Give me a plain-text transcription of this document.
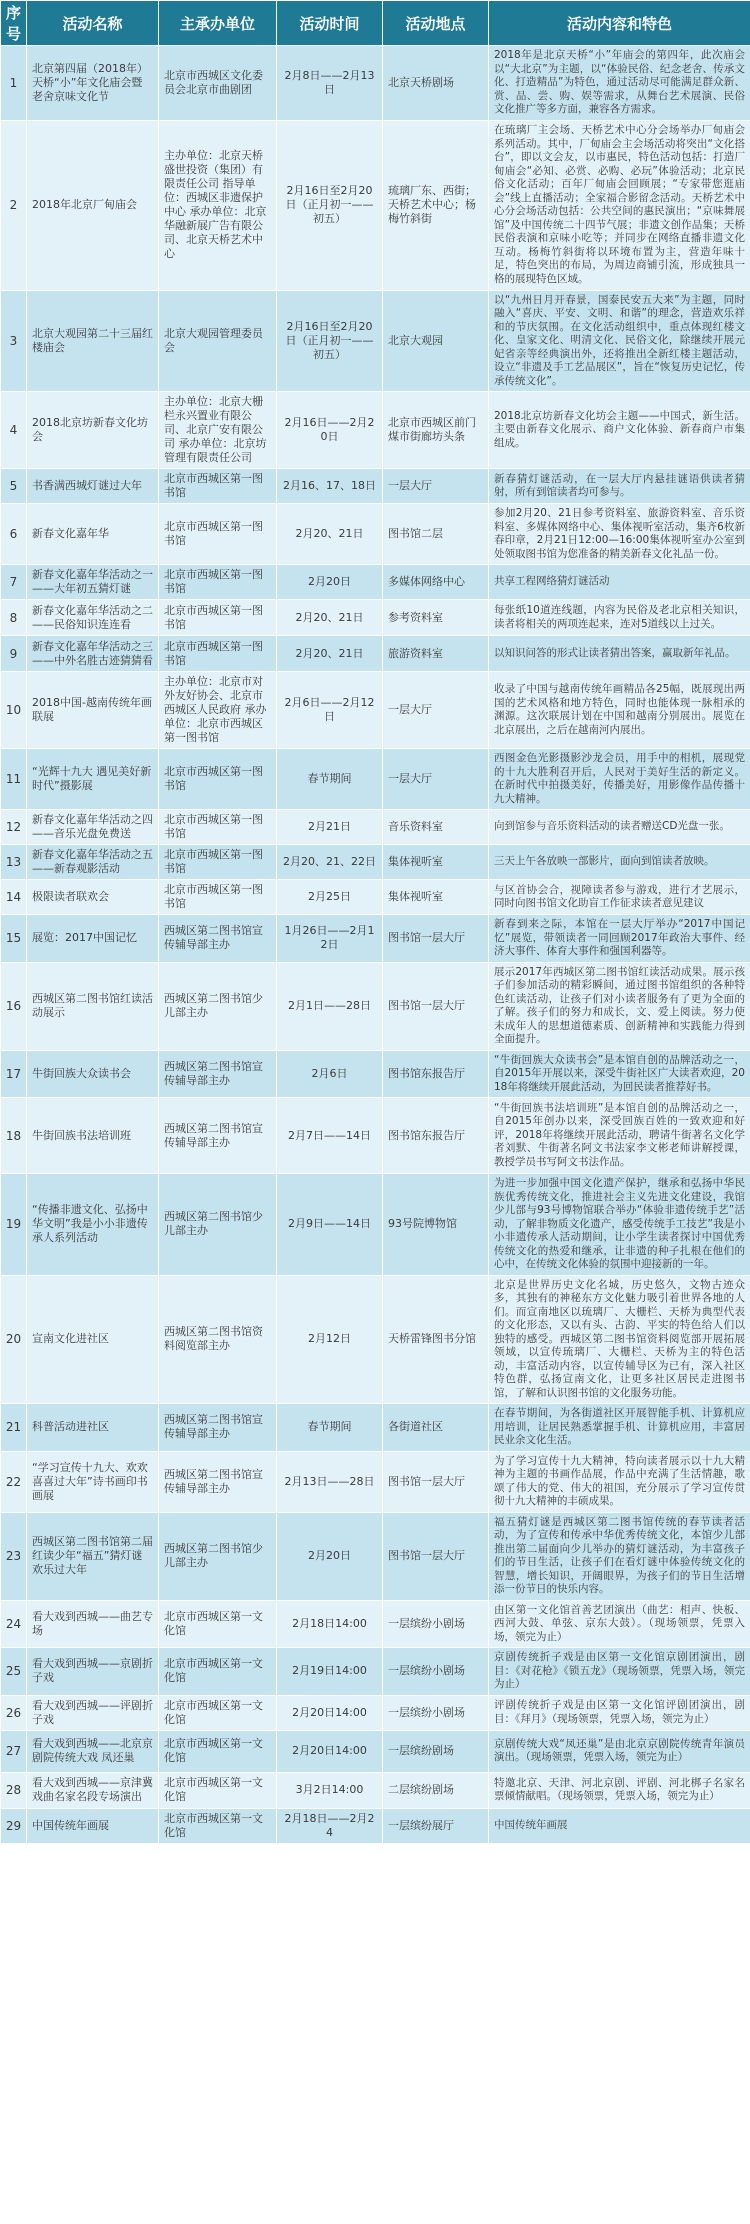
序号	活动名称	主承办单位	活动时间	活动地点	活动内容和特色
1	北京第四届（2018年）天桥“小”年文化庙会暨老舍京味文化节	北京市西城区文化委员会北京市曲剧团	2月8日——2月13日	北京天桥剧场	2018年是北京天桥“小”年庙会的第四年，此次庙会以“大北京”为主题，以“体验民俗、纪念老舍、传承文化、打造精品”为特色，通过活动尽可能满足群众新、赏、品、尝、购、娱等需求，从舞台艺术展演、民俗文化推广等多方面，兼容各方需求。
2	2018年北京厂甸庙会	主办单位：北京天桥盛世投资（集团）有限责任公司 指导单位：西城区非遗保护中心 承办单位：北京华融新展广告有限公司、北京天桥艺术中心	2月16日至2月20日（正月初一——初五）	琉璃厂东、西街；天桥艺术中心；杨梅竹斜街	在琉璃厂主会场、天桥艺术中心分会场举办厂甸庙会系列活动。其中，厂甸庙会主会场活动将突出“文化搭台”，即以文会友，以市惠民，特色活动包括：打造厂甸庙会“必知、必赏、必购、必玩”体验活动；北京民俗文化活动；百年厂甸庙会回顾展；“专家带您逛庙会”线上直播活动；全家福合影留念活动。天桥艺术中心分会场活动包括：公共空间的惠民演出；“京味舞展馆”及中国传统二十四节气展；非遗文创作品集；天桥民俗表演和京味小吃等；并同步在网络直播非遗文化互动。杨梅竹斜街将以环境布置为主，营造年味十足，特色突出的布局，为周边商铺引流，形成独具一格的展现特色区域。
3	北京大观园第二十三届红楼庙会	北京大观园管理委员会	2月16日至2月20日（正月初一——初五）	北京大观园	以“九州日月开春景，国泰民安五大来”为主题，同时融入“喜庆、平安、文明、和谐”的理念，营造欢乐祥和的节庆氛围。在文化活动组织中，重点体现红楼文化、皇家文化、明清文化、民俗文化，除继续开展元妃省亲等经典演出外，还将推出全新红楼主题活动，设立“非遗及手工艺品展区”，旨在“恢复历史记忆，传承传统文化”。
4	2018北京坊新春文化坊会	主办单位：北京大栅栏永兴置业有限公司、北京广安有限公司 承办单位：北京坊管理有限责任公司	2月16日——2月20日	北京市西城区前门煤市街廊坊头条	2018北京坊新春文化坊会主题——中国式，新生活。主要由新春文化展示、商户文化体验、新春商户市集组成。
5	书香满西城灯谜过大年	北京市西城区第一图书馆	2月16、17、18日	一层大厅	新春猜灯谜活动，在一层大厅内悬挂谜语供读者猜射，所有到馆读者均可参与。
6	新春文化嘉年华	北京市西城区第一图书馆	2月20、21日	图书馆二层	参加2月20、21日参考资料室、旅游资料室、音乐资料室、多媒体网络中心、集体视听室活动，集齐6枚新春印章，2月21日12:00—16:00集体视听室办公室到处领取图书馆为您准备的精美新春文化礼品一份。
7	新春文化嘉年华活动之一——大年初五猜灯谜	北京市西城区第一图书馆	2月20日	多媒体网络中心	共享工程网络猜灯谜活动
8	新春文化嘉年华活动之二——民俗知识连连看	北京市西城区第一图书馆	2月20、21日	参考资料室	每张纸10道连线题，内容为民俗及老北京相关知识，读者将相关的两项连起来，连对5道线以上过关。
9	新春文化嘉年华活动之三——中外名胜古迹猜猜看	北京市西城区第一图书馆	2月20、21日	旅游资料室	以知识问答的形式让读者猜出答案，赢取新年礼品。
10	2018中国-越南传统年画联展	主办单位：北京市对外友好协会、北京市西城区人民政府 承办单位：北京市西城区第一图书馆	2月6日——2月12日	一层大厅	收录了中国与越南传统年画精品各25幅，既展现出两国的艺术风格和地方特色，同时也能体现一脉相承的渊源。这次联展计划在中国和越南分别展出。展览在北京展出，之后在越南河内展出。
11	“光辉十九大 遇见美好新时代”摄影展	北京市西城区第一图书馆	春节期间	一层大厅	西图金色光影摄影沙龙会员，用手中的相机，展现党的十九大胜利召开后，人民对于美好生活的新定义。在新时代中拍摄美好，传播美好，用影像作品传播十九大精神。
12	新春文化嘉年华活动之四——音乐光盘免费送	北京市西城区第一图书馆	2月21日	音乐资料室	向到馆参与音乐资料活动的读者赠送CD光盘一张。
13	新春文化嘉年华活动之五——新春观影活动	北京市西城区第一图书馆	2月20、21、22日	集体视听室	三天上午各放映一部影片，面向到馆读者放映。
14	极限读者联欢会	北京市西城区第一图书馆	2月25日	集体视听室	与区首协会合，视障读者参与游戏，进行才艺展示，同时向图书馆文化助盲工作征求读者意见建议
15	展览：2017中国记忆	西城区第二图书馆宣传辅导部主办	1月26日——2月12日	图书馆一层大厅	新春到来之际，本馆在一层大厅举办“2017中国记忆”展览，带领读者一同回顾2017年政治大事件、经济大事件、体育大事件和强国利器等。
16	西城区第二图书馆红读活动展示	西城区第二图书馆少儿部主办	2月1日——28日	图书馆一层大厅	展示2017年西城区第二图书馆红读活动成果。展示孩子们参加活动的精彩瞬间，通过图书馆组织的各种特色红读活动，让孩子们对小读者服务有了更为全面的了解。孩子们的努力和成长，文、爱上阅读。努力使未成年人的思想道德素质、创新精神和实践能力得到全面提升。
17	牛街回族大众读书会	西城区第二图书馆宣传辅导部主办	2月6日	图书馆东报告厅	“牛街回族大众读书会”是本馆自创的品牌活动之一，自2015年开展以来，深受牛街社区广大读者欢迎，2018年将继续开展此活动，为回民读者推荐好书。
18	牛街回族书法培训班	西城区第二图书馆宣传辅导部主办	2月7日——14日	图书馆东报告厅	“牛街回族书法培训班”是本馆自创的品牌活动之一，自2015年创办以来，深受回族百姓的一致欢迎和好评，2018年将继续开展此活动，聘请牛街著名文化学者刘默、牛街著名阿文书法家李文彬老师讲解授课，教授学员书写阿文书法作品。
19	“传播非遗文化、弘扬中华文明”我是小小非遗传承人系列活动	西城区第二图书馆少儿部主办	2月9日——14日	93号院博物馆	为进一步加强中国文化遗产保护，继承和弘扬中华民族优秀传统文化，推进社会主义先进文化建设，我馆少儿部与93号博物馆联合举办“体验非遗传统手艺”活动，了解非物质文化遗产，感受传统手工技艺”我是小小非遗传承人活动期间，让小学生读者探讨中国优秀传统文化的热爱和继承，让非遗的种子扎根在他们的心中，在传统文化体验的氛围中迎接新的一年。
20	宣南文化进社区	西城区第二图书馆资料阅览部主办	2月12日	天桥雷锋图书分馆	北京是世界历史文化名城，历史悠久，文物古迹众多，其独有的神秘东方文化魅力吸引着世界各地的人们。而宣南地区以琉璃厂、大栅栏、天桥为典型代表的文化形态，又以有头、古韵、平实的特色给人们以独特的感受。西城区第二图书馆资料阅览部开展拓展领域，以宣传琉璃厂、大栅栏、天桥为主的特色活动，丰富活动内容，以宣传辅导区为已有，深入社区特色群，弘扬宣南文化，让更多社区居民走进图书馆，了解和认识图书馆的文化服务功能。
21	科普活动进社区	西城区第二图书馆宣传辅导部主办	春节期间	各街道社区	在春节期间，为各街道社区开展智能手机、计算机应用培训，让居民熟悉掌握手机、计算机应用，丰富居民业余文化生活。
22	“学习宣传十九大、欢欢喜喜过大年”诗书画印书画展	西城区第二图书馆宣传辅导部主办	2月13日——28日	图书馆一层大厅	为了学习宣传十九大精神，特向读者展示以十九大精神为主题的书画作品展，作品中充满了生活情趣，歌颂了伟大的党、伟大的祖国，充分展示了学习宣传贯彻十九大精神的丰硕成果。
23	西城区第二图书馆第二届红读少年“福五”猜灯谜欢乐过大年	西城区第二图书馆少儿部主办	2月20日	图书馆一层大厅	福五猜灯谜是西城区第二图书馆传统的春节读者活动，为了宣传和传承中华优秀传统文化，本馆少儿部推出第二届面向少儿举办的猜灯谜活动，为丰富孩子们的节日生活，让孩子们在看灯谜中体验传统文化的智慧，增长知识，开阔眼界，为孩子们的节日生活增添一份节日的快乐内容。
24	看大戏到西城——曲艺专场	北京市西城区第一文化馆	2月18日14:00	一层缤纷小剧场	由区第一文化馆首善艺团演出（曲艺：相声、快板、西河大鼓、单弦、京东大鼓）。（现场领票，凭票入场，领完为止）
25	看大戏到西城——京剧折子戏	北京市西城区第一文化馆	2月19日14:00	一层缤纷小剧场	京剧传统折子戏是由区第一文化馆京剧团演出，剧目：《对花枪》《锁五龙》（现场领票，凭票入场，领完为止）
26	看大戏到西城——评剧折子戏	北京市西城区第一文化馆	2月20日14:00	一层缤纷小剧场	评剧传统折子戏是由区第一文化馆评剧团演出，剧目：《拜月》（现场领票，凭票入场，领完为止）
27	看大戏到西城——北京京剧院传统大戏 凤还巢	北京市西城区第一文化馆	2月20日14:00	一层缤纷剧场	京剧传统大戏“凤还巢”是由北京京剧院传统青年演员演出。（现场领票，凭票入场，领完为止）
28	看大戏到西城——京津冀戏曲名家名段专场演出	北京市西城区第一文化馆	3月2日14:00	二层缤纷剧场	特邀北京、天津、河北京剧、评剧、河北梆子名家名票倾情献唱。（现场领票，凭票入场，领完为止）
29	中国传统年画展	北京市西城区第一文化馆	2月18日——2月24	一层缤纷展厅	中国传统年画展
